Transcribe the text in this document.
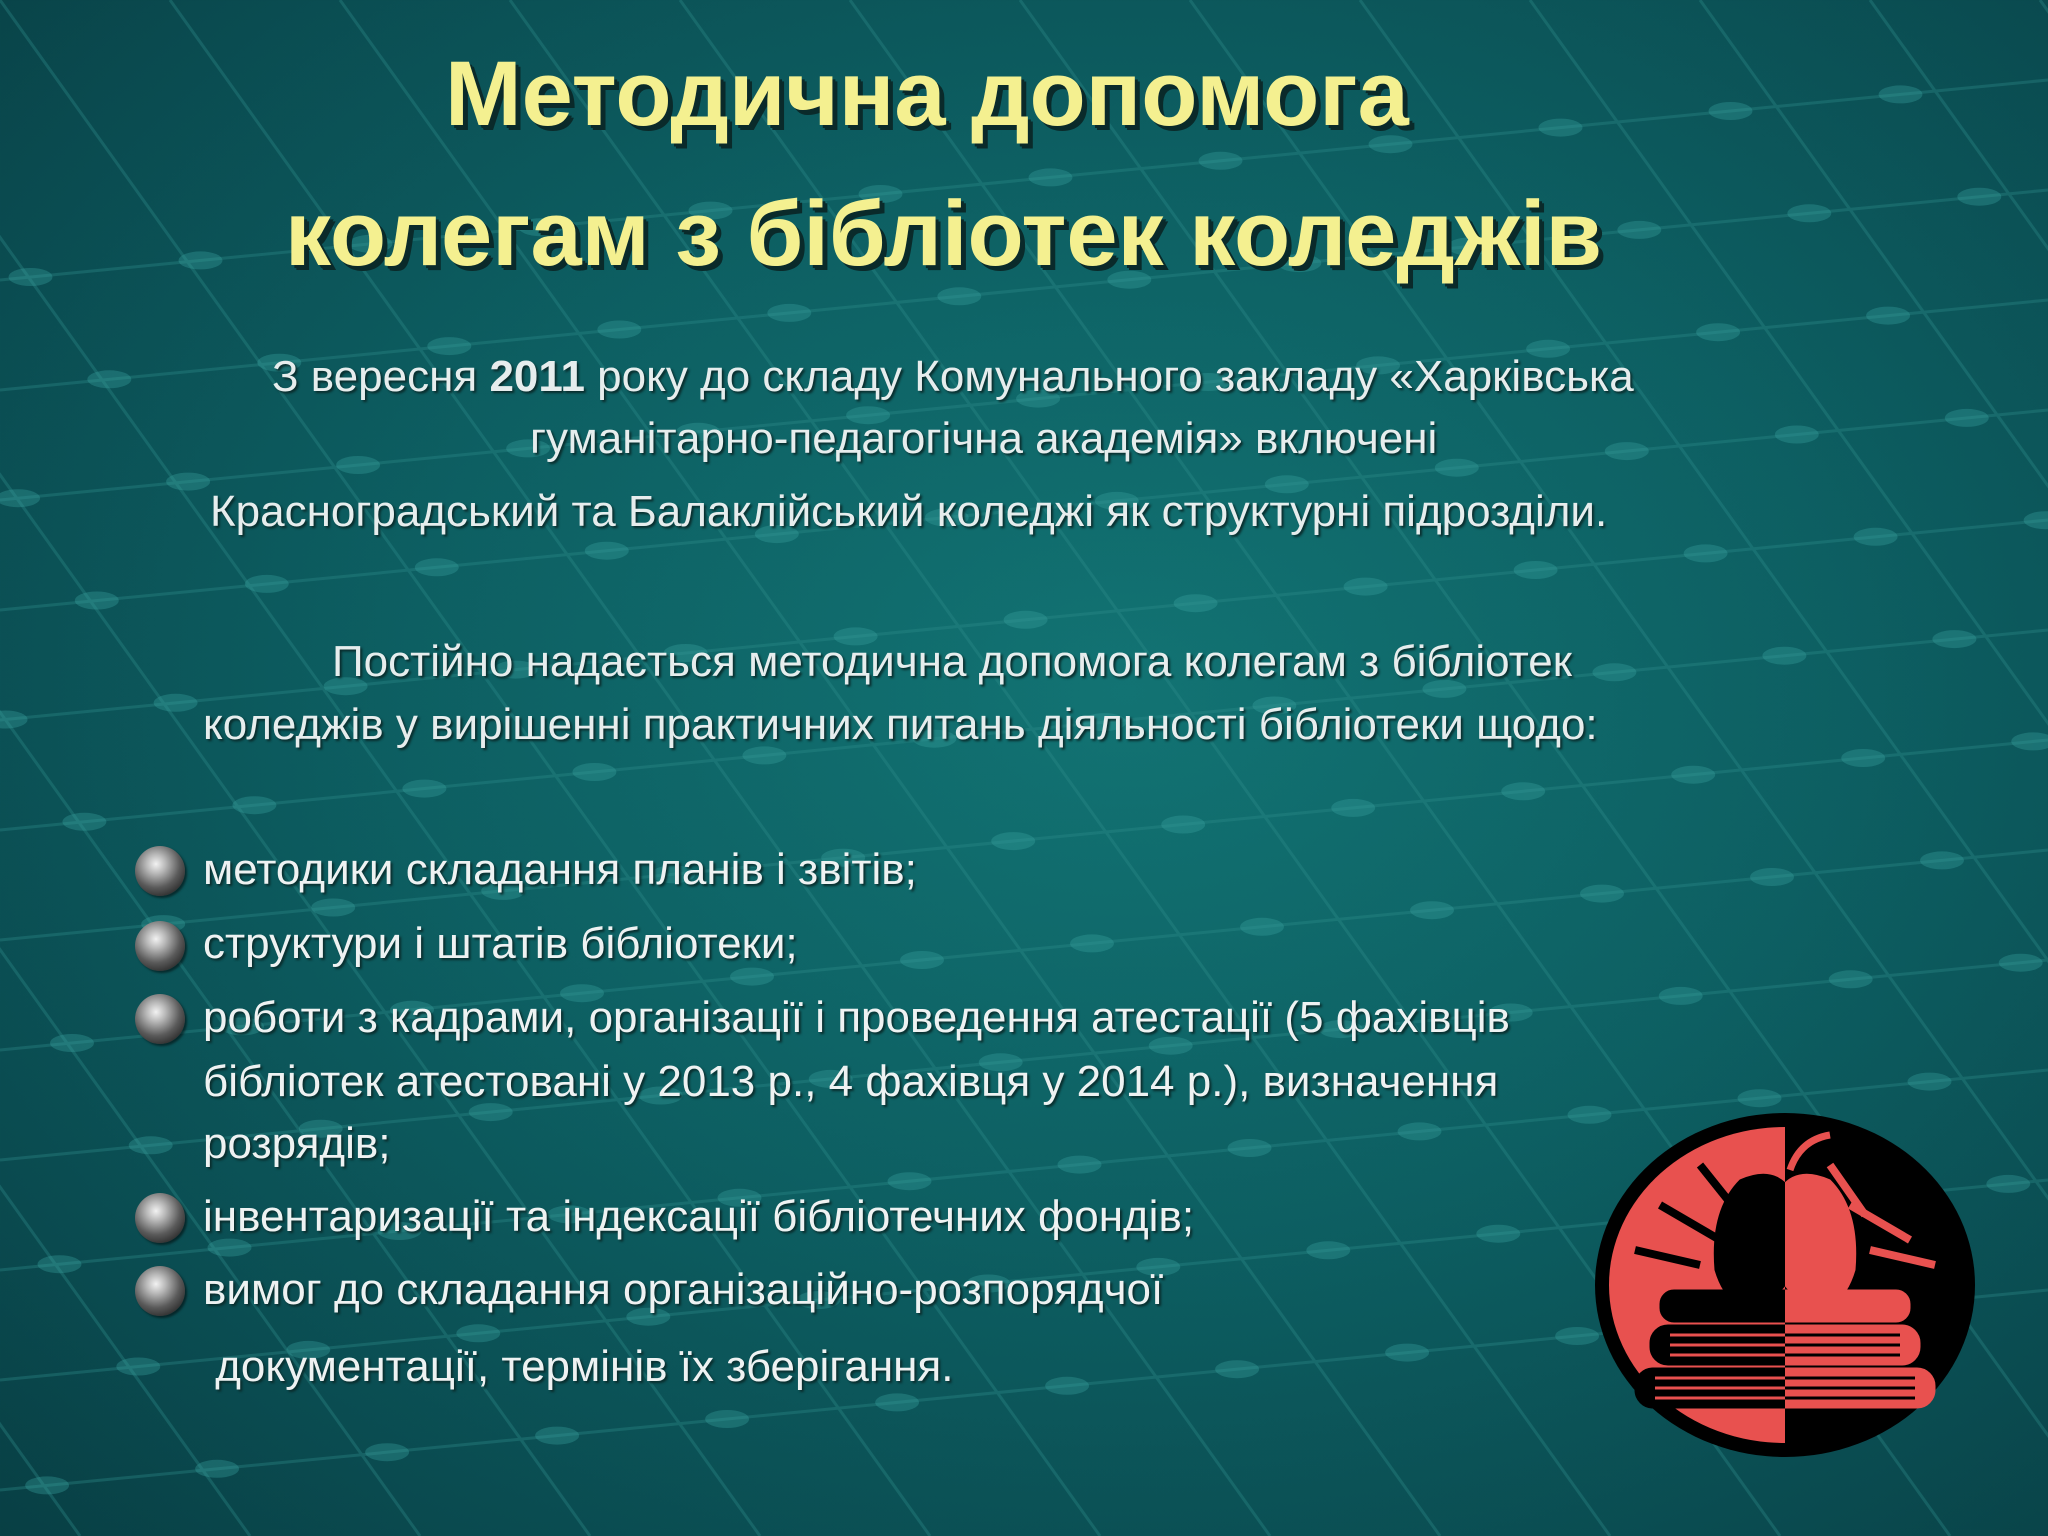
Методична допомога
колегам з бібліотек коледжів
З вересня 2011 року до складу Комунального закладу «Харківська
гуманітарно-педагогічна академія» включені
Красноградський та Балаклійський коледжі як структурні підрозділи.
Постійно надається методична допомога колегам з бібліотек
коледжів у вирішенні практичних питань діяльності бібліотеки щодо:
методики складання планів і звітів;
структури і штатів бібліотеки;
роботи з кадрами, організації і проведення атестації (5 фахівців
бібліотек атестовані у 2013 р., 4 фахівця у 2014 р.), визначення
розрядів;
інвентаризації та індексації бібліотечних фондів;
вимог до складання організаційно-розпорядчої
документації, термінів їх зберігання.
